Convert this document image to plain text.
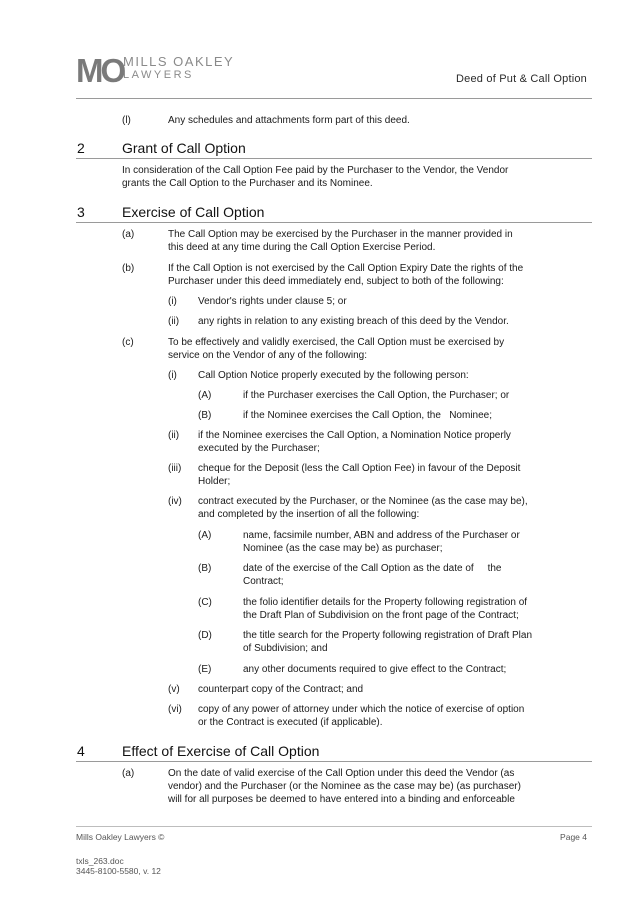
MO MILLS OAKLEY
LAWYERS	Deed of Put & Call Option
(l)	Any schedules and attachments form part of this deed.
2	Grant of Call Option
In consideration of the Call Option Fee paid by the Purchaser to the Vendor, the Vendor
grants the Call Option to the Purchaser and its Nominee.
3	Exercise of Call Option
(a)	The Call Option may be exercised by the Purchaser in the manner provided in
this deed at any time during the Call Option Exercise Period.
(b)	If the Call Option is not exercised by the Call Option Expiry Date the rights of the
Purchaser under this deed immediately end, subject to both of the following:
(i) Vendor's rights under clause 5; or
(ii) any rights in relation to any existing breach of this deed by the Vendor.
(c)	To be effectively and validly exercised, the Call Option must be exercised by
service on the Vendor of any of the following:
(i) Call Option Notice properly executed by the following person:
(A)	if the Purchaser exercises the Call Option, the Purchaser; or
(B)	if the Nominee exercises the Call Option, the   Nominee;
(ii) if the Nominee exercises the Call Option, a Nomination Notice properly
executed by the Purchaser;
(iii) cheque for the Deposit (less the Call Option Fee) in favour of the Deposit
Holder;
(iv) contract executed by the Purchaser, or the Nominee (as the case may be),
and completed by the insertion of all the following:
(A)	name, facsimile number, ABN and address of the Purchaser or
Nominee (as the case may be) as purchaser;
(B)	date of the exercise of the Call Option as the date of     the
Contract;
(C)	the folio identifier details for the Property following registration of
the Draft Plan of Subdivision on the front page of the Contract;
(D)	the title search for the Property following registration of Draft Plan
of Subdivision; and
(E)	any other documents required to give effect to the Contract;
(v) counterpart copy of the Contract; and
(vi) copy of any power of attorney under which the notice of exercise of option
or the Contract is executed (if applicable).
4	Effect of Exercise of Call Option
(a)	On the date of valid exercise of the Call Option under this deed the Vendor (as
vendor) and the Purchaser (or the Nominee as the case may be) (as purchaser)
will for all purposes be deemed to have entered into a binding and enforceable
Mills Oakley Lawyers ©	Page 4
txls_263.doc
3445-8100-5580, v. 12
